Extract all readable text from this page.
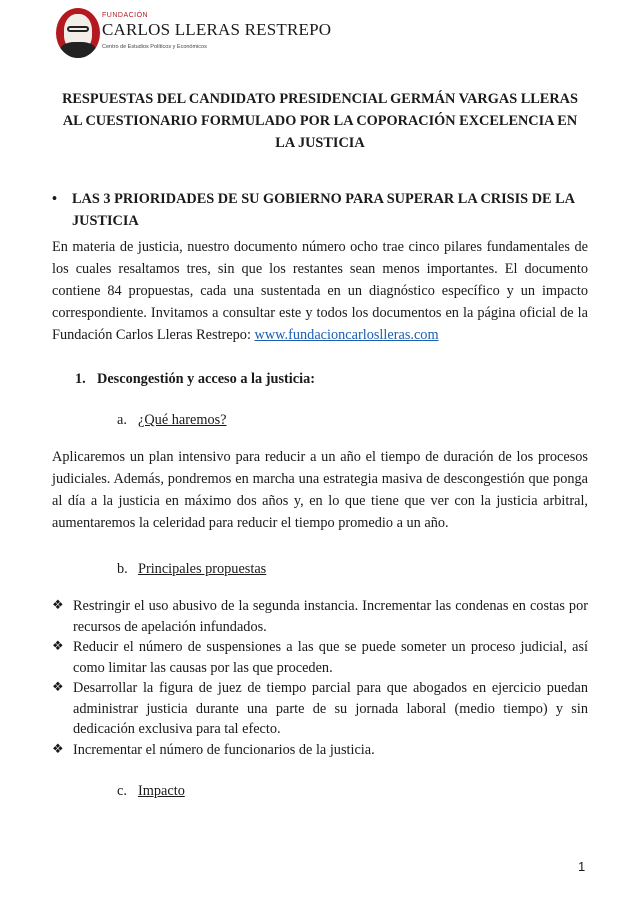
FUNDACIÓN
CARLOS LLERAS RESTREPO
Centro de Estudios Políticos y Económicos
RESPUESTAS DEL CANDIDATO PRESIDENCIAL GERMÁN VARGAS LLERAS AL CUESTIONARIO FORMULADO POR LA COPORACIÓN EXCELENCIA EN LA JUSTICIA
• LAS 3 PRIORIDADES DE SU GOBIERNO PARA SUPERAR LA CRISIS DE LA JUSTICIA

En materia de justicia, nuestro documento número ocho trae cinco pilares fundamentales de los cuales resaltamos tres, sin que los restantes sean menos importantes. El documento contiene 84 propuestas, cada una sustentada en un diagnóstico específico y un impacto correspondiente. Invitamos a consultar este y todos los documentos en la página oficial de la Fundación Carlos Lleras Restrepo: www.fundacioncarloslleras.com

1. Descongestión y acceso a la justicia:
a. ¿Qué haremos?

Aplicaremos un plan intensivo para reducir a un año el tiempo de duración de los procesos judiciales. Además, pondremos en marcha una estrategia masiva de descongestión que ponga al día a la justicia en máximo dos años y, en lo que tiene que ver con la justicia arbitral, aumentaremos la celeridad para reducir el tiempo promedio a un año.

b. Principales propuestas
❖ Restringir el uso abusivo de la segunda instancia. Incrementar las condenas en costas por recursos de apelación infundados.
❖ Reducir el número de suspensiones a las que se puede someter un proceso judicial, así como limitar las causas por las que proceden.
❖ Desarrollar la figura de juez de tiempo parcial para que abogados en ejercicio puedan administrar justicia durante una parte de su jornada laboral (medio tiempo) y sin dedicación exclusiva para tal efecto.
❖ Incrementar el número de funcionarios de la justicia.
c. Impacto
1
